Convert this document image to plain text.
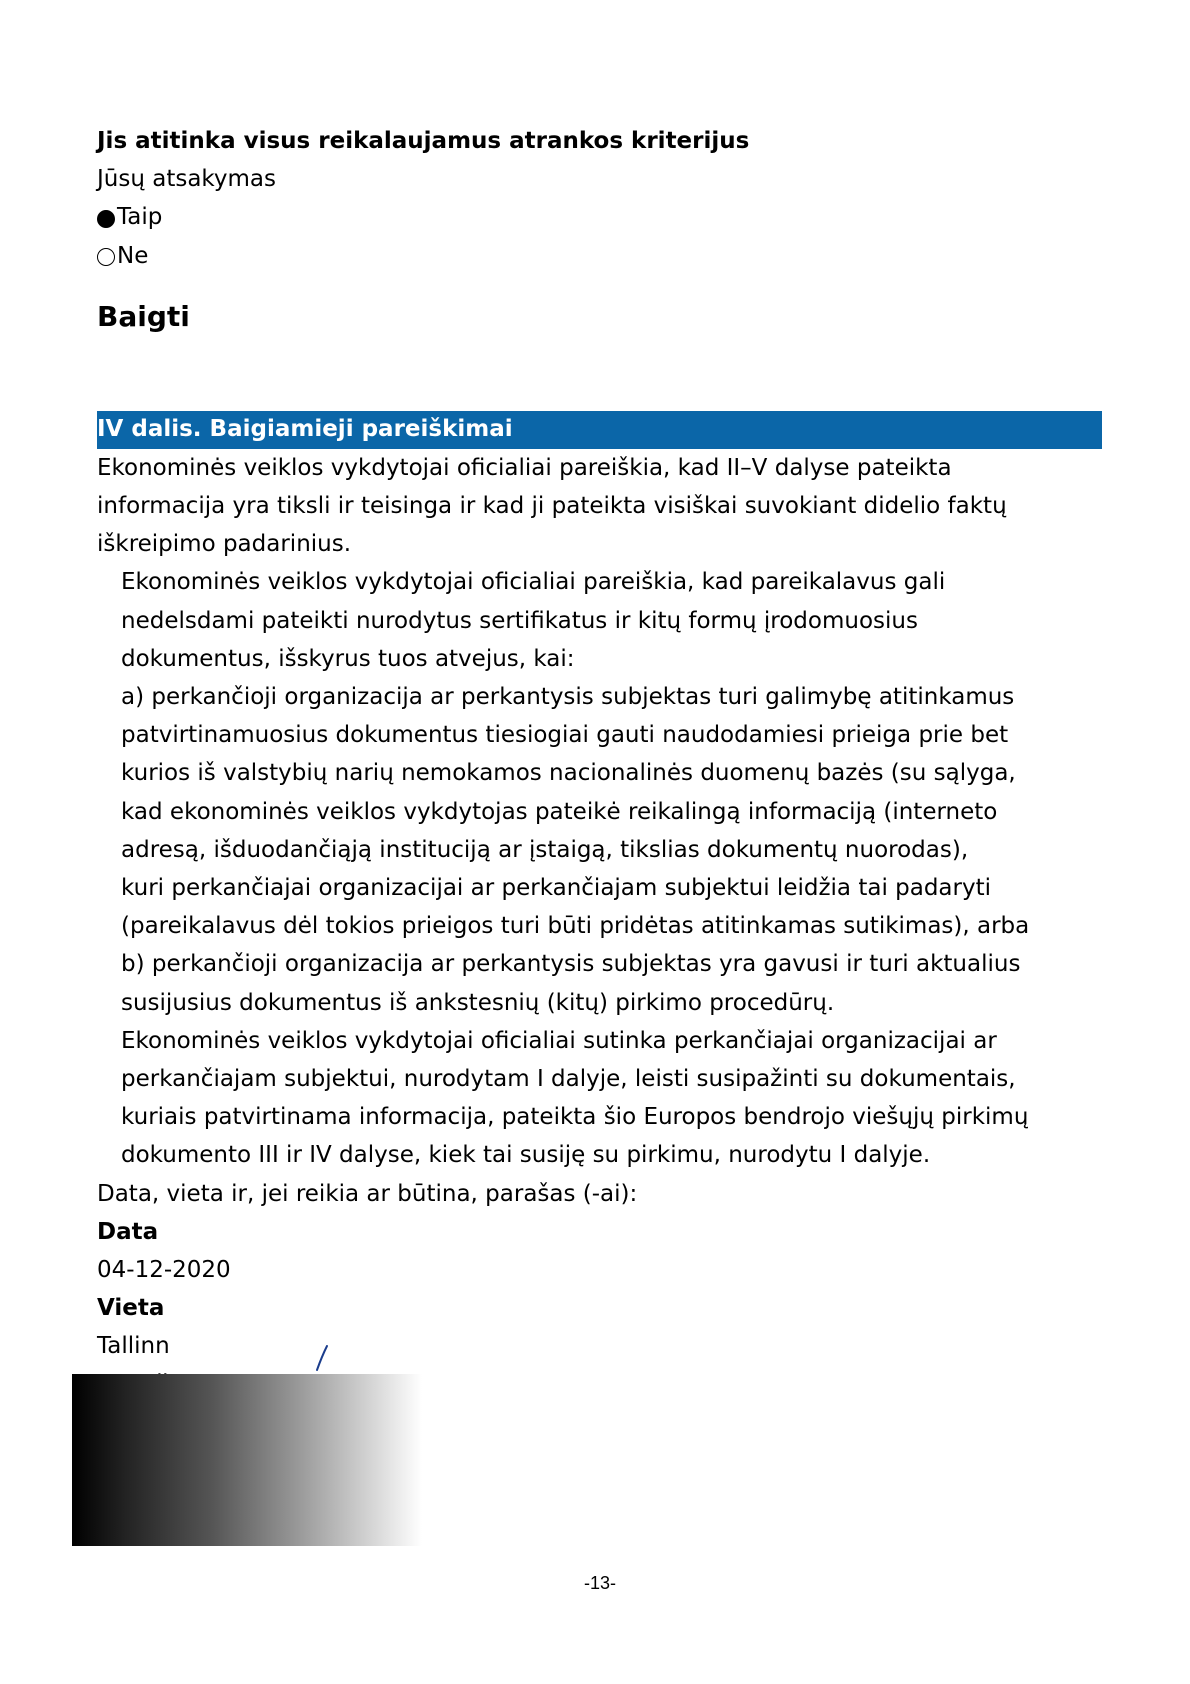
Jis atitinka visus reikalaujamus atrankos kriterijus
Jūsų atsakymas
Taip
Ne
Baigti
IV dalis. Baigiamieji pareiškimai
Ekonominės veiklos vykdytojai oficialiai pareiškia, kad II–V dalyse pateikta
informacija yra tiksli ir teisinga ir kad ji pateikta visiškai suvokiant didelio faktų
iškreipimo padarinius.
Ekonominės veiklos vykdytojai oficialiai pareiškia, kad pareikalavus gali
nedelsdami pateikti nurodytus sertifikatus ir kitų formų įrodomuosius
dokumentus, išskyrus tuos atvejus, kai:
a) perkančioji organizacija ar perkantysis subjektas turi galimybę atitinkamus
patvirtinamuosius dokumentus tiesiogiai gauti naudodamiesi prieiga prie bet
kurios iš valstybių narių nemokamos nacionalinės duomenų bazės (su sąlyga,
kad ekonominės veiklos vykdytojas pateikė reikalingą informaciją (interneto
adresą, išduodančiąją instituciją ar įstaigą, tikslias dokumentų nuorodas),
kuri perkančiajai organizacijai ar perkančiajam subjektui leidžia tai padaryti
(pareikalavus dėl tokios prieigos turi būti pridėtas atitinkamas sutikimas), arba
b) perkančioji organizacija ar perkantysis subjektas yra gavusi ir turi aktualius
susijusius dokumentus iš ankstesnių (kitų) pirkimo procedūrų.
Ekonominės veiklos vykdytojai oficialiai sutinka perkančiajai organizacijai ar
perkančiajam subjektui, nurodytam I dalyje, leisti susipažinti su dokumentais,
kuriais patvirtinama informacija, pateikta šio Europos bendrojo viešųjų pirkimų
dokumento III ir IV dalyse, kiek tai susiję su pirkimu, nurodytu I dalyje.
Data, vieta ir, jei reikia ar būtina, parašas (-ai):
Data
04-12-2020
Vieta
Tallinn
-13-
